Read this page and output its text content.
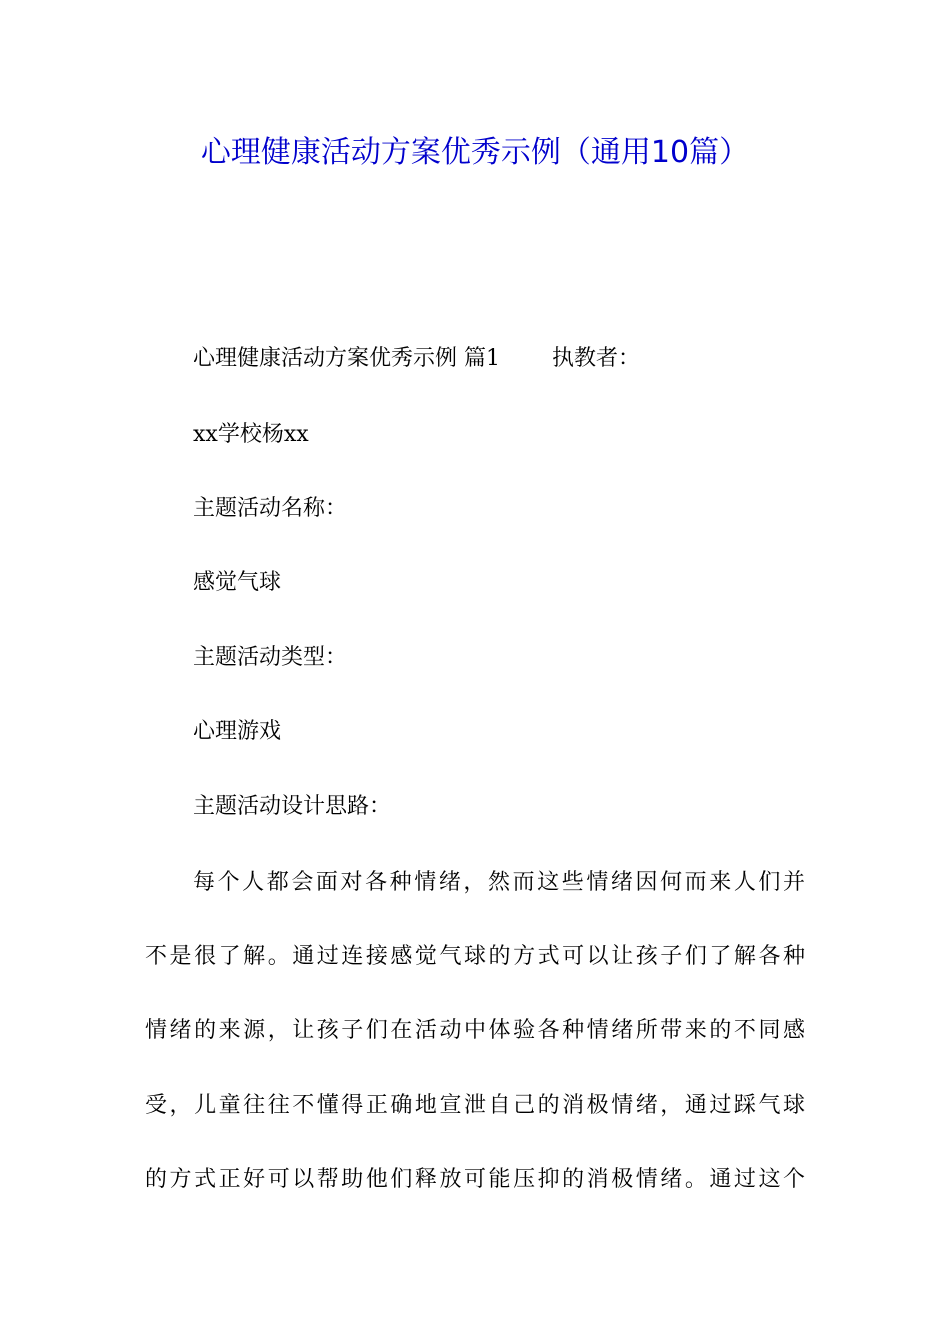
心理健康活动方案优秀示例（通用10篇）
心理健康活动方案优秀示例 篇1 执教者：
xx学校杨xx
主题活动名称：
感觉气球
主题活动类型：
心理游戏
主题活动设计思路：
每个人都会面对各种情绪，然而这些情绪因何而来人们并
不是很了解。通过连接感觉气球的方式可以让孩子们了解各种
情绪的来源，让孩子们在活动中体验各种情绪所带来的不同感
受，儿童往往不懂得正确地宣泄自己的消极情绪，通过踩气球
的方式正好可以帮助他们释放可能压抑的消极情绪。通过这个
